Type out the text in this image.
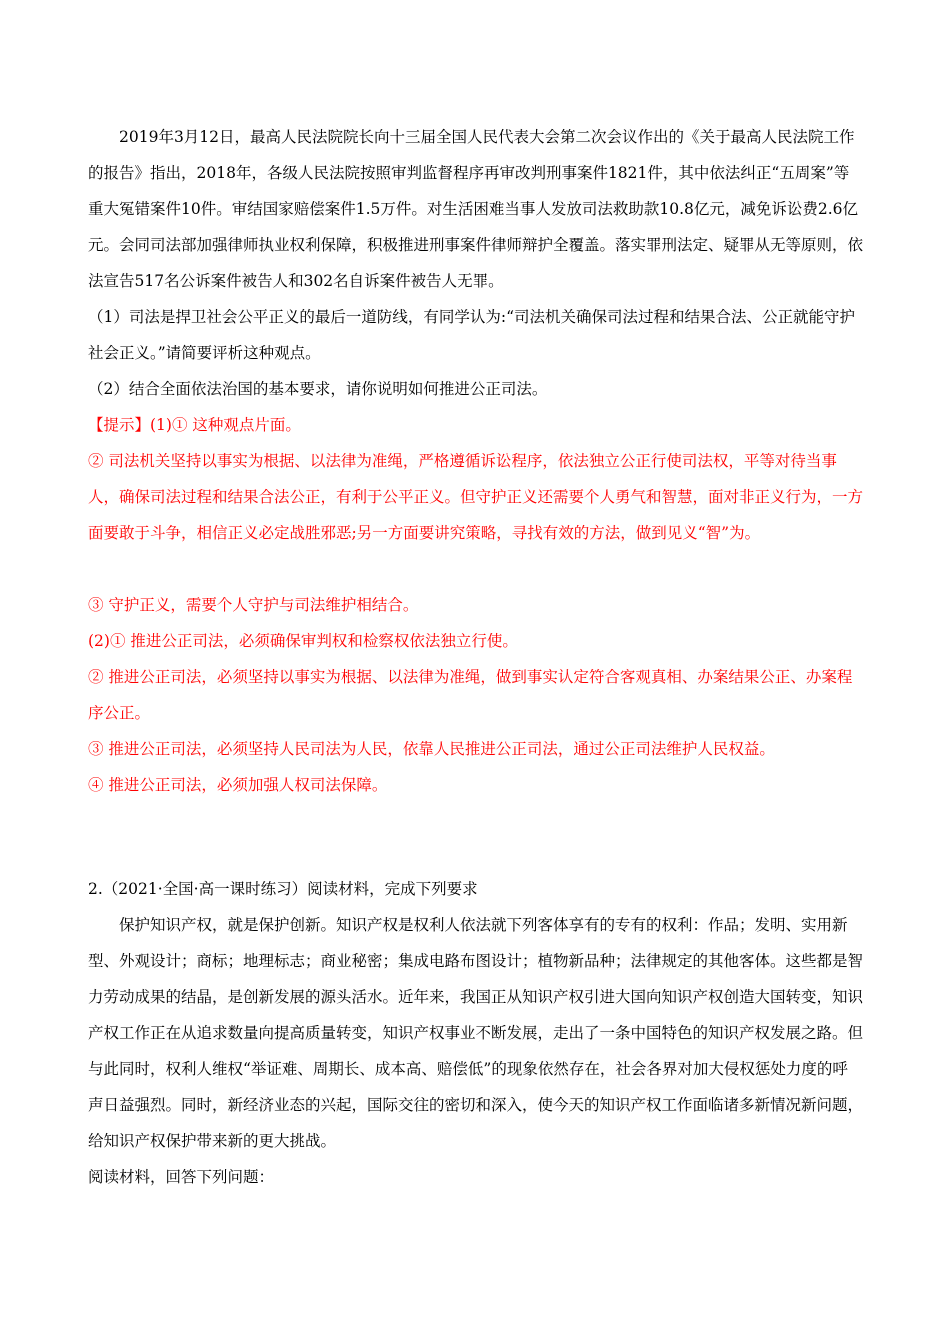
2019年3月12日，最高人民法院院长向十三届全国人民代表大会第二次会议作出的《关于最高人民法院工作的报告》指出，2018年，各级人民法院按照审判监督程序再审改判刑事案件1821件，其中依法纠正“五周案”等重大冤错案件10件。审结国家赔偿案件1.5万件。对生活困难当事人发放司法救助款10.8亿元，减免诉讼费2.6亿元。会同司法部加强律师执业权利保障，积极推进刑事案件律师辩护全覆盖。落实罪刑法定、疑罪从无等原则，依法宣告517名公诉案件被告人和302名自诉案件被告人无罪。

（1）司法是捍卫社会公平正义的最后一道防线，有同学认为:“司法机关确保司法过程和结果合法、公正就能守护社会正义。”请简要评析这种观点。

（2）结合全面依法治国的基本要求，请你说明如何推进公正司法。

【提示】(1)① 这种观点片面。

② 司法机关坚持以事实为根据、以法律为准绳，严格遵循诉讼程序，依法独立公正行使司法权，平等对待当事人，确保司法过程和结果合法公正，有利于公平正义。但守护正义还需要个人勇气和智慧，面对非正义行为，一方面要敢于斗争，相信正义必定战胜邪恶;另一方面要讲究策略，寻找有效的方法，做到见义“智”为。

③ 守护正义，需要个人守护与司法维护相结合。

(2)① 推进公正司法，必须确保审判权和检察权依法独立行使。

② 推进公正司法，必须坚持以事实为根据、以法律为准绳，做到事实认定符合客观真相、办案结果公正、办案程序公正。

③ 推进公正司法，必须坚持人民司法为人民，依靠人民推进公正司法，通过公正司法维护人民权益。

④ 推进公正司法，必须加强人权司法保障。

2.（2021·全国·高一课时练习）阅读材料，完成下列要求

保护知识产权，就是保护创新。知识产权是权利人依法就下列客体享有的专有的权利：作品；发明、实用新型、外观设计；商标；地理标志；商业秘密；集成电路布图设计；植物新品种；法律规定的其他客体。这些都是智力劳动成果的结晶，是创新发展的源头活水。近年来，我国正从知识产权引进大国向知识产权创造大国转变，知识产权工作正在从追求数量向提高质量转变，知识产权事业不断发展，走出了一条中国特色的知识产权发展之路。但与此同时，权利人维权“举证难、周期长、成本高、赔偿低”的现象依然存在，社会各界对加大侵权惩处力度的呼声日益强烈。同时，新经济业态的兴起，国际交往的密切和深入，使今天的知识产权工作面临诸多新情况新问题，给知识产权保护带来新的更大挑战。

阅读材料，回答下列问题：
